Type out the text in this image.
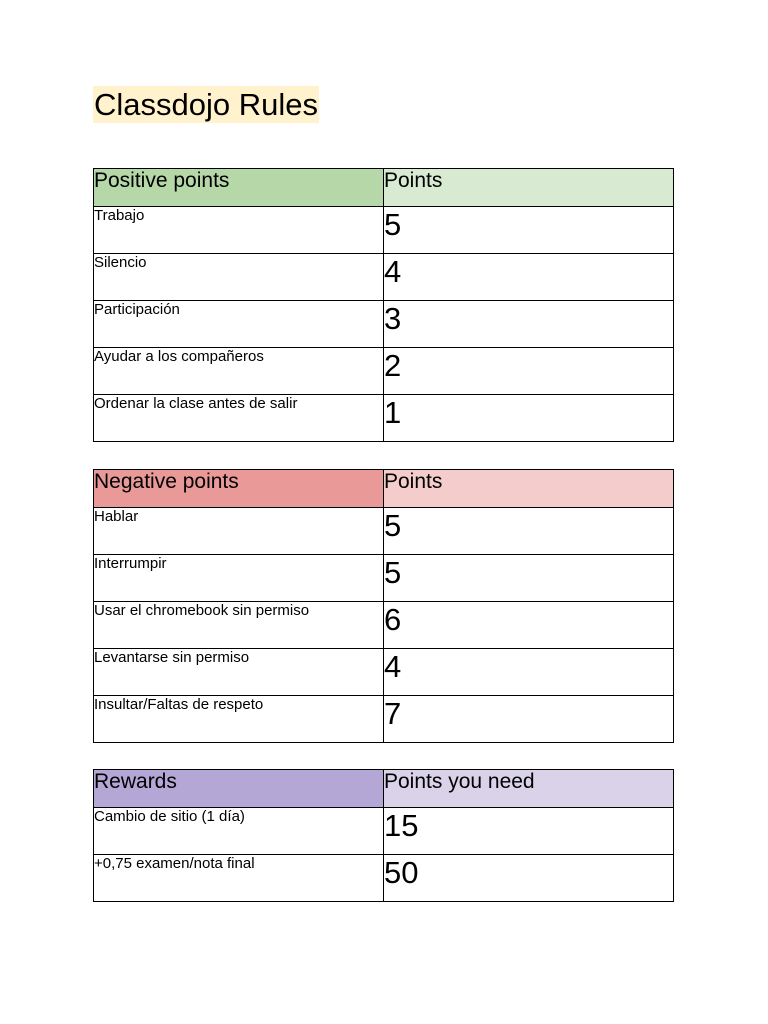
Classdojo Rules
Positive points	Points
Trabajo	5
Silencio	4
Participación	3
Ayudar a los compañeros	2
Ordenar la clase antes de salir	1
Negative points	Points
Hablar	5
Interrumpir	5
Usar el chromebook sin permiso	6
Levantarse sin permiso	4
Insultar/Faltas de respeto	7
Rewards	Points you need
Cambio de sitio (1 día)	15
+0,75 examen/nota final	50
